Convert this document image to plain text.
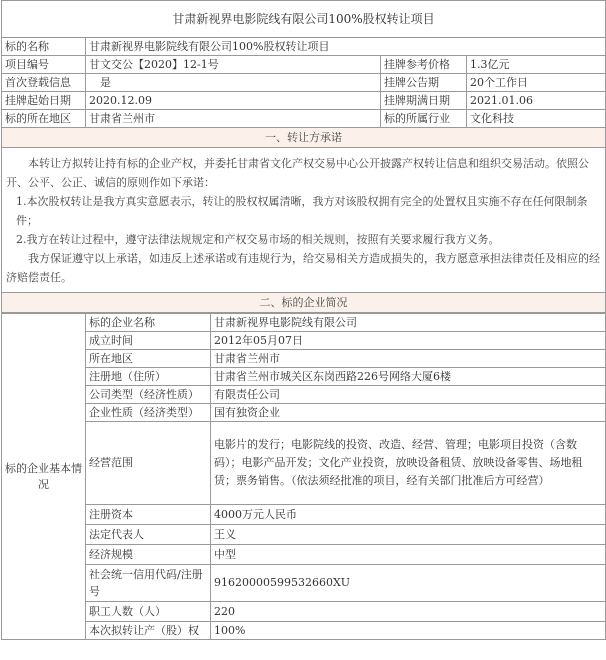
甘肃新视界电影院线有限公司100%股权转让项目			
标的名称	甘肃新视界电影院线有限公司100%股权转让项目		
项目编号	甘文交公【2020】12-1号	挂牌参考价格	1.3亿元
首次登载信息	是	挂牌公告期	20个工作日
挂牌起始日期	2020.12.09	挂牌期满日期	2021.01.06
标的所在地区	甘肃省兰州市	标的所属行业	文化科技
一、转让方承诺			

本转让方拟转让持有标的企业产权，并委托甘肃省文化产权交易中心公开披露产权转让信息和组织交易活动。依照公开、公平、公正、诚信的原则作如下承诺：

1.本次股权转让是我方真实意愿表示，转让的股权权属清晰，我方对该股权拥有完全的处置权且实施不存在任何限制条件；

2.我方在转让过程中，遵守法律法规规定和产权交易市场的相关规则，按照有关要求履行我方义务。

我方保证遵守以上承诺，如违反上述承诺或有违规行为，给交易相关方造成损失的，我方愿意承担法律责任及相应的经济赔偿责任。			

二、标的企业简况			
标的企业基本情况	标的企业名称	甘肃新视界电影院线有限公司
	成立时间	2012年05月07日
	所在地区	甘肃省兰州市
	注册地（住所）	甘肃省兰州市城关区东岗西路226号网络大厦6楼
	公司类型（经济性质）	有限责任公司
	企业性质（经济类型）	国有独资企业
	经营范围	电影片的发行；电影院线的投资、改造、经营、管理；电影项目投资（含数码）；电影产品开发；文化产业投资，放映设备租赁、放映设备零售、场地租赁；票务销售。（依法须经批准的项目，经有关部门批准后方可经营）
	注册资本	4000万元人民币
	法定代表人	王义
	经济规模	中型
	社会统一信用代码/注册号	91620000599532660XU
	职工人数（人）	220
	本次拟转让产（股）权	100%
